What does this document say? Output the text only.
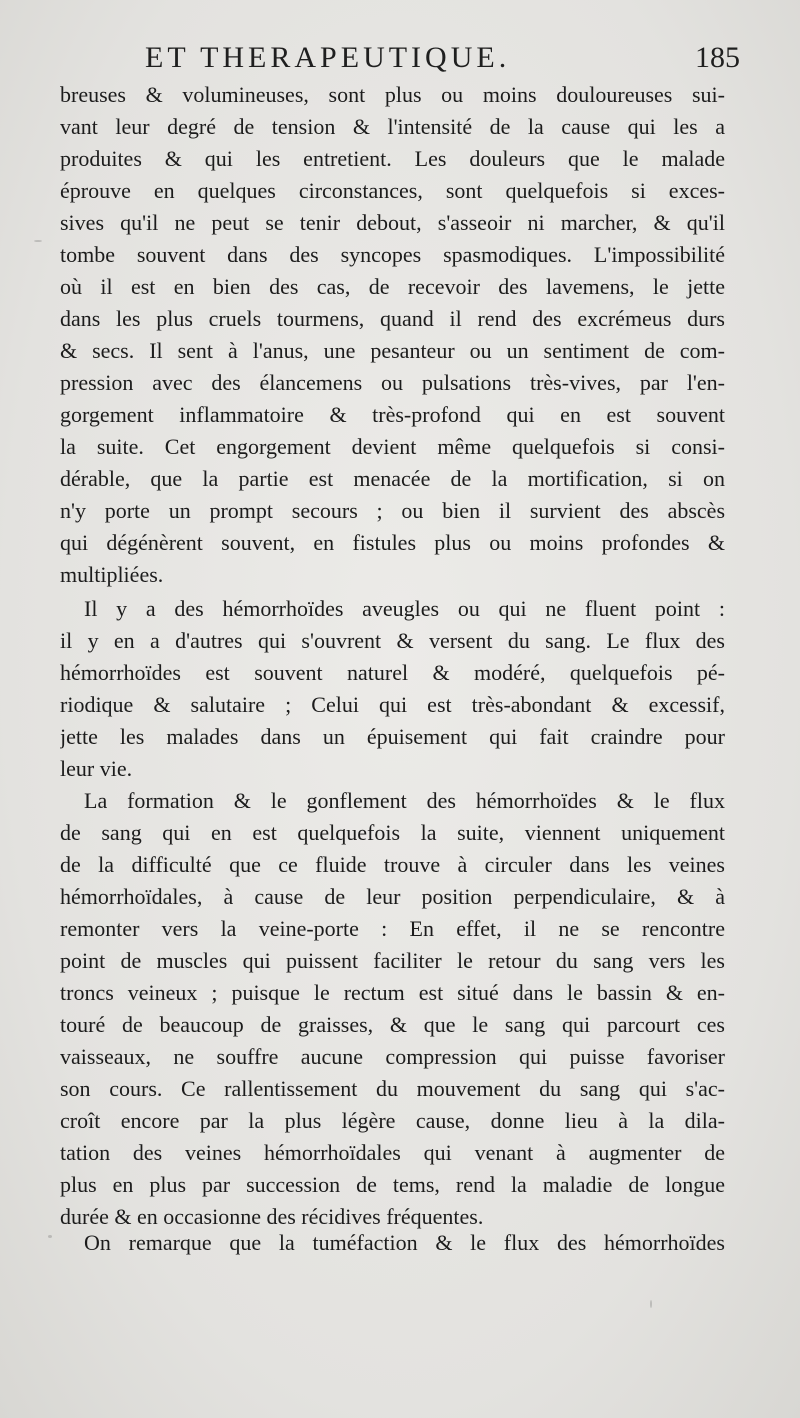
ET THERAPEUTIQUE.	185

breuses & volumineuses, sont plus ou moins douloureuses sui-

vant leur degré de tension & l'intensité de la cause qui les a

produites & qui les entretient. Les douleurs que le malade

éprouve en quelques circonstances, sont quelquefois si exces-

sives qu'il ne peut se tenir debout, s'asseoir ni marcher, & qu'il

tombe souvent dans des syncopes spasmodiques. L'impossibilité

où il est en bien des cas, de recevoir des lavemens, le jette

dans les plus cruels tourmens, quand il rend des excrémeus durs

& secs. Il sent à l'anus, une pesanteur ou un sentiment de com-

pression avec des élancemens ou pulsations très-vives, par l'en-

gorgement inflammatoire & très-profond qui en est souvent

la suite. Cet engorgement devient même quelquefois si consi-

dérable, que la partie est menacée de la mortification, si on

n'y porte un prompt secours ; ou bien il survient des abscès

qui dégénèrent souvent, en fistules plus ou moins profondes &

multipliées.

Il y a des hémorrhoïdes aveugles ou qui ne fluent point :

il y en a d'autres qui s'ouvrent & versent du sang. Le flux des

hémorrhoïdes est souvent naturel & modéré, quelquefois pé-

riodique & salutaire ; Celui qui est très-abondant & excessif,

jette les malades dans un épuisement qui fait craindre pour

leur vie.

La formation & le gonflement des hémorrhoïdes & le flux

de sang qui en est quelquefois la suite, viennent uniquement

de la difficulté que ce fluide trouve à circuler dans les veines

hémorrhoïdales, à cause de leur position perpendiculaire, & à

remonter vers la veine-porte : En effet, il ne se rencontre

point de muscles qui puissent faciliter le retour du sang vers les

troncs veineux ; puisque le rectum est situé dans le bassin & en-

touré de beaucoup de graisses, & que le sang qui parcourt ces

vaisseaux, ne souffre aucune compression qui puisse favoriser

son cours. Ce rallentissement du mouvement du sang qui s'ac-

croît encore par la plus légère cause, donne lieu à la dila-

tation des veines hémorrhoïdales qui venant à augmenter de

plus en plus par succession de tems, rend la maladie de longue

durée & en occasionne des récidives fréquentes.

On remarque que la tuméfaction & le flux des hémorrhoïdes
